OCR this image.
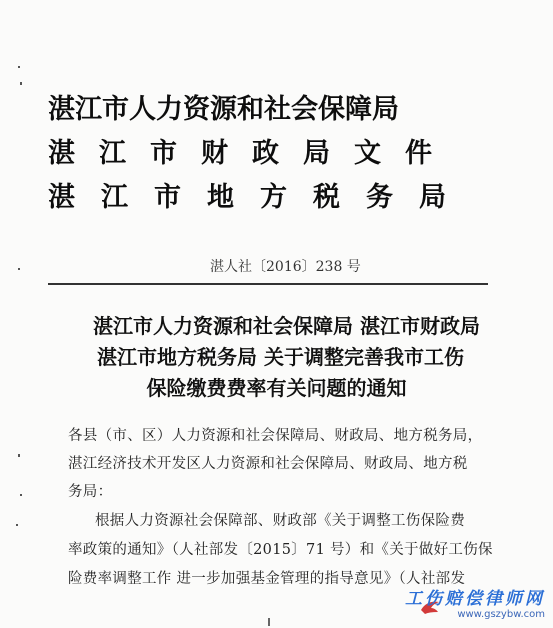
湛江市人力资源和社会保障局
湛江市财政局文件
湛江市地方税务局
湛人社〔2016〕238 号
湛江市人力资源和社会保障局 湛江市财政局
湛江市地方税务局 关于调整完善我市工伤
保险缴费费率有关问题的通知
各县（市、区）人力资源和社会保障局、财政局、地方税务局，
湛江经济技术开发区人力资源和社会保障局、财政局、地方税
务局：
根据人力资源社会保障部、财政部《关于调整工伤保险费
率政策的通知》（人社部发〔2015〕71 号）和《关于做好工伤保
险费率调整工作 进一步加强基金管理的指导意见》（人社部发
工伤赔偿律师网
www.gszybw.com
